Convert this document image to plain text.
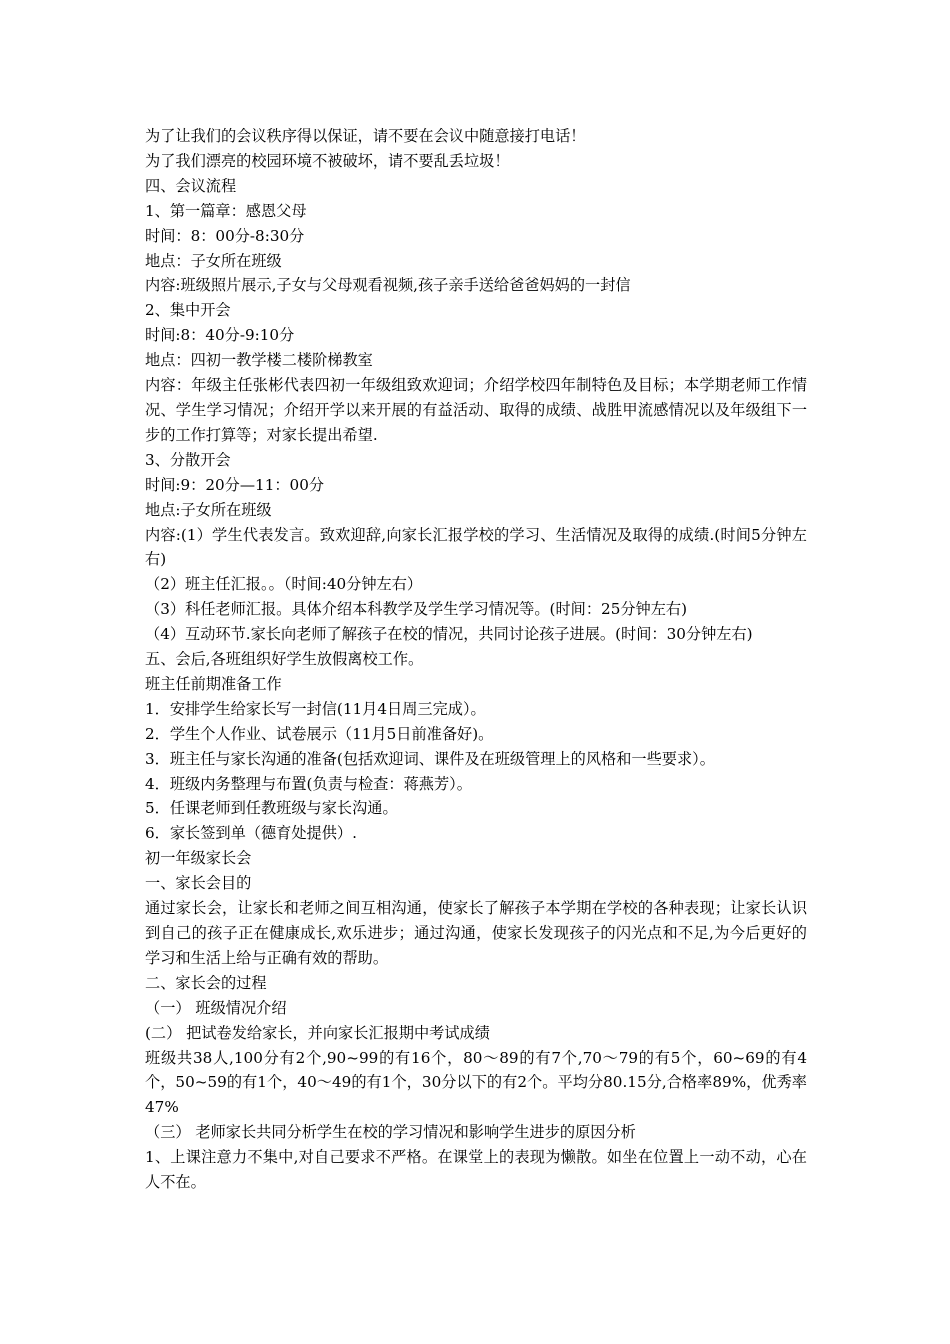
为了让我们的会议秩序得以保证，请不要在会议中随意接打电话！
为了我们漂亮的校园环境不被破坏，请不要乱丢垃圾！
四、会议流程
1、第一篇章：感恩父母
时间：8：00分-8:30分
地点：子女所在班级
内容:班级照片展示,子女与父母观看视频,孩子亲手送给爸爸妈妈的一封信
2、集中开会
时间:8：40分-9:10分
地点：四初一教学楼二楼阶梯教室
内容：年级主任张彬代表四初一年级组致欢迎词；介绍学校四年制特色及目标；本学期老师工作情况、学生学习情况；介绍开学以来开展的有益活动、取得的成绩、战胜甲流感情况以及年级组下一步的工作打算等；对家长提出希望.
3、分散开会
时间:9：20分—11：00分
地点:子女所在班级
内容:(1）学生代表发言。致欢迎辞,向家长汇报学校的学习、生活情况及取得的成绩.(时间5分钟左右)
（2）班主任汇报。。（时间:40分钟左右）
（3）科任老师汇报。具体介绍本科教学及学生学习情况等。(时间：25分钟左右)
（4）互动环节.家长向老师了解孩子在校的情况，共同讨论孩子进展。(时间：30分钟左右)
五、会后,各班组织好学生放假离校工作。
班主任前期准备工作
1．安排学生给家长写一封信(11月4日周三完成）。
2．学生个人作业、试卷展示（11月5日前准备好)。
3．班主任与家长沟通的准备(包括欢迎词、课件及在班级管理上的风格和一些要求）。
4．班级内务整理与布置(负责与检查：蒋燕芳）。
5．任课老师到任教班级与家长沟通。
6．家长签到单（德育处提供）.
初一年级家长会
一、家长会目的
通过家长会，让家长和老师之间互相沟通，使家长了解孩子本学期在学校的各种表现；让家长认识到自己的孩子正在健康成长,欢乐进步；通过沟通，使家长发现孩子的闪光点和不足,为今后更好的学习和生活上给与正确有效的帮助。
二、家长会的过程
（一） 班级情况介绍
(二） 把试卷发给家长，并向家长汇报期中考试成绩
班级共38人,100分有2个,90~99的有16个，80～89的有7个,70～79的有5个，60~69的有4个，50~59的有1个，40～49的有1个，30分以下的有2个。平均分80.15分,合格率89%，优秀率47%
（三） 老师家长共同分析学生在校的学习情况和影响学生进步的原因分析
1、上课注意力不集中,对自己要求不严格。在课堂上的表现为懒散。如坐在位置上一动不动，心在人不在。
